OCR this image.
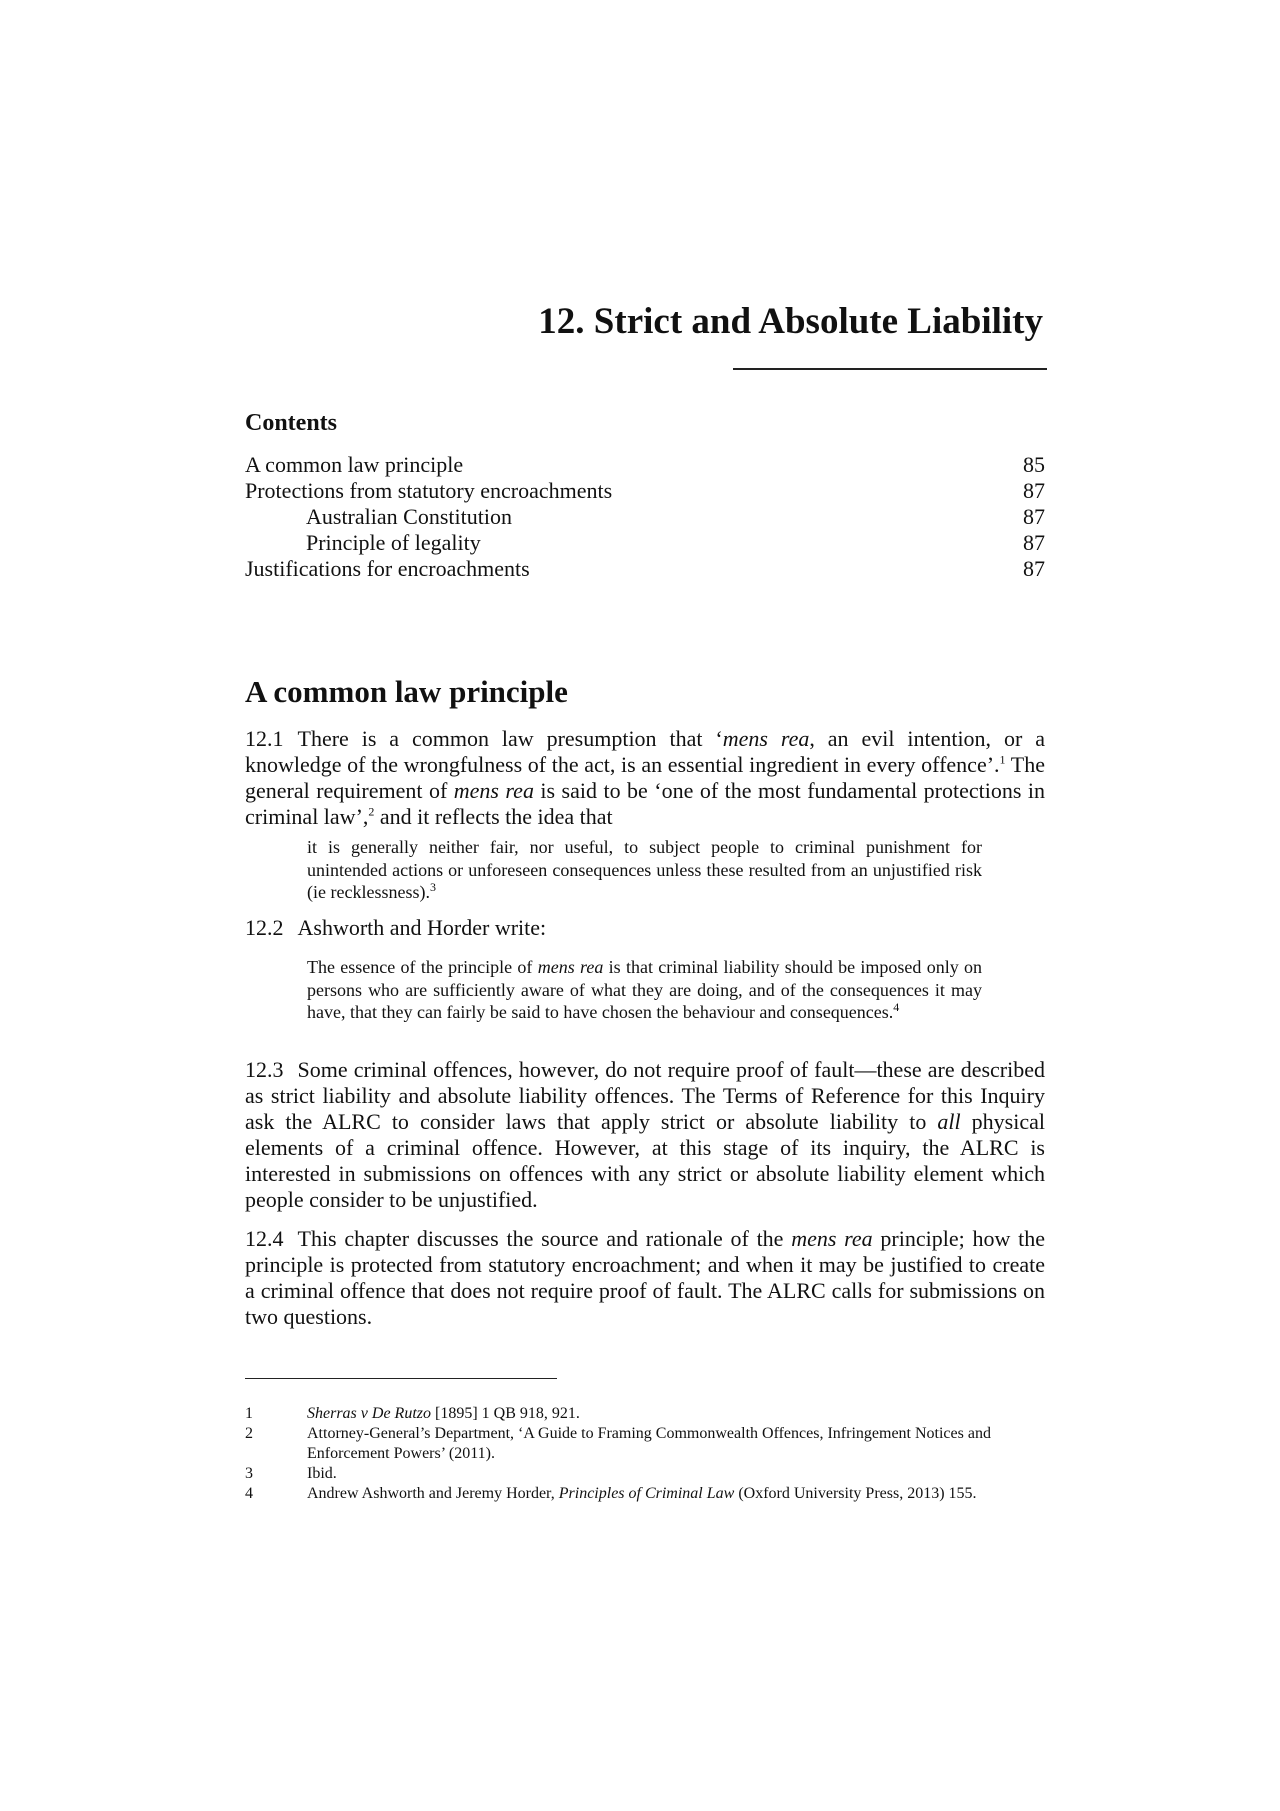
12. Strict and Absolute Liability
Contents
A common law principle	85
Protections from statutory encroachments	87
Australian Constitution	87
Principle of legality	87
Justifications for encroachments	87
A common law principle

12.1 There is a common law presumption that ‘mens rea, an evil intention, or a knowledge of the wrongfulness of the act, is an essential ingredient in every offence’.$^1$ The general requirement of mens rea is said to be ‘one of the most fundamental protections in criminal law’,$^2$ and it reflects the idea that

it is generally neither fair, nor useful, to subject people to criminal punishment for unintended actions or unforeseen consequences unless these resulted from an unjustified risk (ie recklessness).$^3$

12.2 Ashworth and Horder write:

The essence of the principle of mens rea is that criminal liability should be imposed only on persons who are sufficiently aware of what they are doing, and of the consequences it may have, that they can fairly be said to have chosen the behaviour and consequences.$^4$

12.3 Some criminal offences, however, do not require proof of fault—these are described as strict liability and absolute liability offences. The Terms of Reference for this Inquiry ask the ALRC to consider laws that apply strict or absolute liability to all physical elements of a criminal offence. However, at this stage of its inquiry, the ALRC is interested in submissions on offences with any strict or absolute liability element which people consider to be unjustified.

12.4 This chapter discusses the source and rationale of the mens rea principle; how the principle is protected from statutory encroachment; and when it may be justified to create a criminal offence that does not require proof of fault. The ALRC calls for submissions on two questions.

1	Sherras v De Rutzo [1895] 1 QB 918, 921.
2	Attorney-General’s Department, ‘A Guide to Framing Commonwealth Offences, Infringement Notices and Enforcement Powers’ (2011).
3	Ibid.
4	Andrew Ashworth and Jeremy Horder, Principles of Criminal Law (Oxford University Press, 2013) 155.
